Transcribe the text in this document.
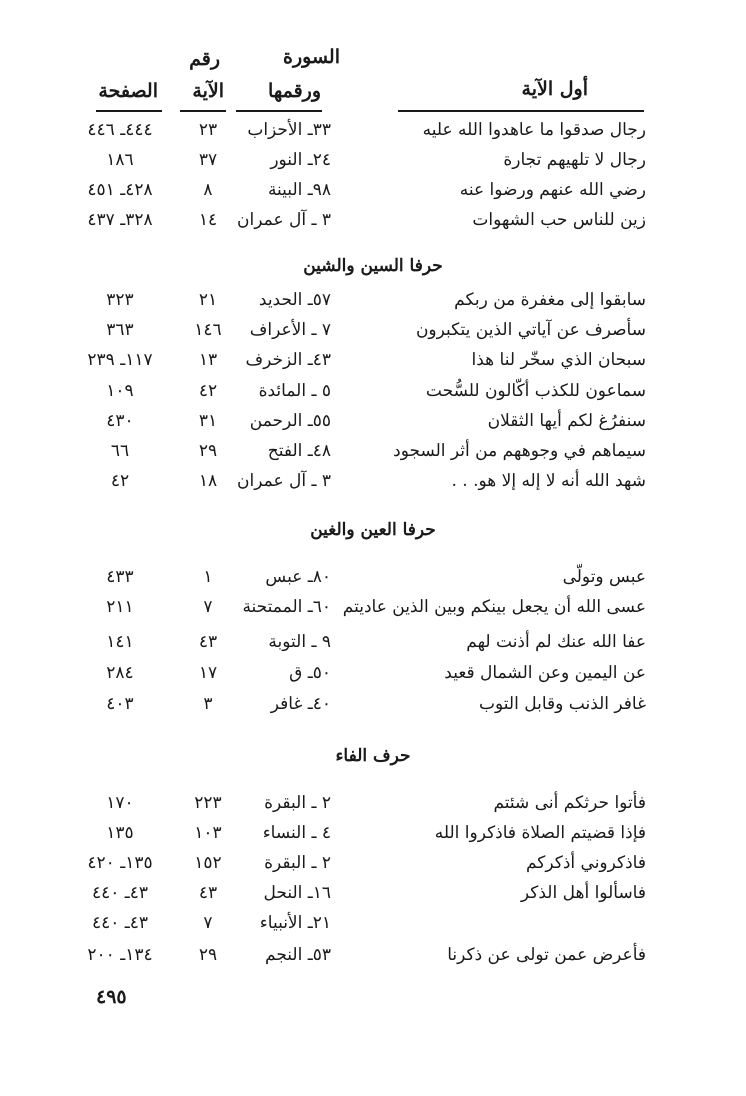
أول الآية
السورة
ورقمها
رقم
الآية
الصفحة
رجال صدقوا ما عاهدوا الله عليه
٣٣ـ الأحزاب
٢٣
٤٤٤ـ ٤٤٦
رجال لا تلهيهم تجارة
٢٤ـ النور
٣٧
١٨٦
رضي الله عنهم ورضوا عنه
٩٨ـ البينة
٨
٤٢٨ـ ٤٥١
زين للناس حب الشهوات
٣ ـ آل عمران
١٤
٣٢٨ـ ٤٣٧
حرفا السين والشين
سابقوا إلى مغفرة من ربكم
٥٧ـ الحديد
٢١
٣٢٣
سأصرف عن آياتي الذين يتكبرون
٧ ـ الأعراف
١٤٦
٣٦٣
سبحان الذي سخّر لنا هذا
٤٣ـ الزخرف
١٣
١١٧ـ ٢٣٩
سماعون للكذب أكّالون للسُّحت
٥ ـ المائدة
٤٢
١٠٩
سنفرُغ لكم أيها الثقلان
٥٥ـ الرحمن
٣١
٤٣٠
سيماهم في وجوههم من أثر السجود
٤٨ـ الفتح
٢٩
٦٦
شهد الله أنه لا إله إلا هو. . .
٣ ـ آل عمران
١٨
٤٢
حرفا العين والغين
عبس وتولّى
٨٠ـ عبس
١
٤٣٣
عسى الله أن يجعل بينكم وبين الذين عاديتم
٦٠ـ الممتحنة
٧
٢١١
عفا الله عنك لم أذنت لهم
٩ ـ التوبة
٤٣
١٤١
عن اليمين وعن الشمال قعيد
٥٠ـ ق
١٧
٢٨٤
غافر الذنب وقابل التوب
٤٠ـ غافر
٣
٤٠٣
حرف الفاء
فأتوا حرثكم أنى شئتم
٢ ـ البقرة
٢٢٣
١٧٠
فإذا قضيتم الصلاة فاذكروا الله
٤ ـ النساء
١٠٣
١٣٥
فاذكروني أذكركم
٢ ـ البقرة
١٥٢
١٣٥ـ ٤٢٠
فاسألوا أهل الذكر
١٦ـ النحل
٤٣
٤٣ـ ٤٤٠
٢١ـ الأنبياء
٧
٤٣ـ ٤٤٠
فأعرض عمن تولى عن ذكرنا
٥٣ـ النجم
٢٩
١٣٤ـ ٢٠٠
٤٩٥
